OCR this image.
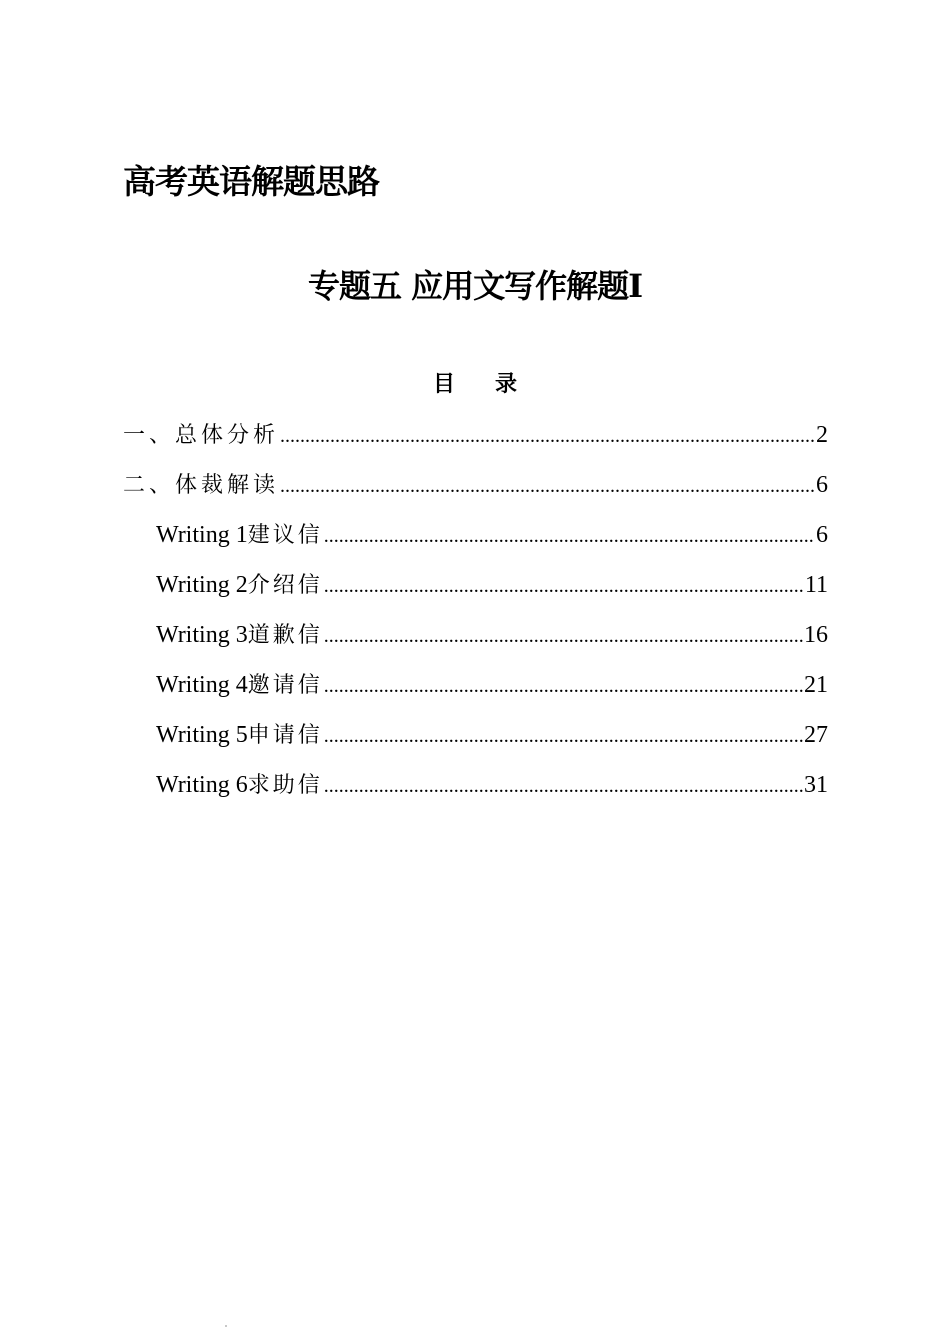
高考英语解题思路
专题五 应用文写作解题Ⅰ
目录
一、总体分析 .....	2
二、体裁解读 .....	6
Writing 1 建议信 .....	6
Writing 2 介绍信 .....	11
Writing 3 道歉信 .....	16
Writing 4 邀请信 .....	21
Writing 5 申请信 .....	27
Writing 6 求助信 .....	31
